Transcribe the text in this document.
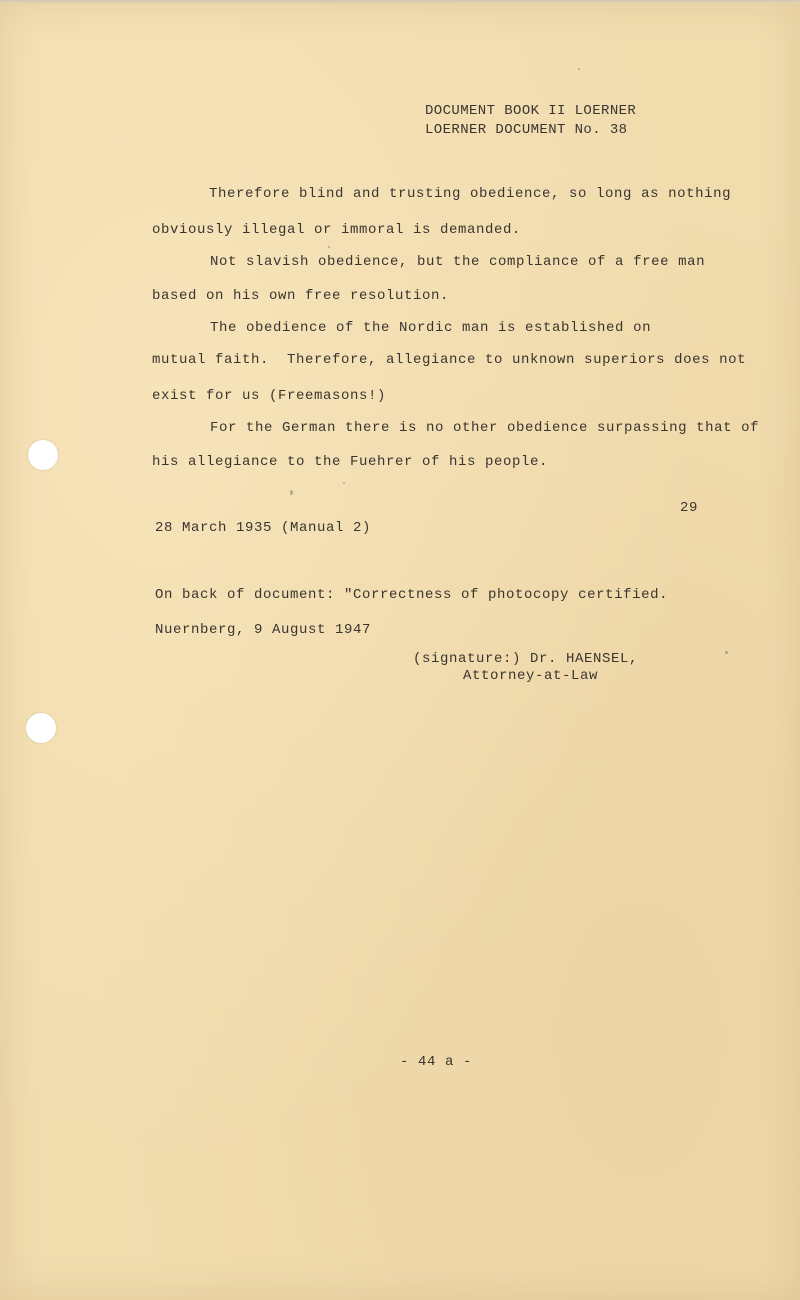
DOCUMENT BOOK II LOERNER
LOERNER DOCUMENT No. 38
Therefore blind and trusting obedience, so long as nothing
obviously illegal or immoral is demanded.
Not slavish obedience, but the compliance of a free man
based on his own free resolution.
The obedience of the Nordic man is established on
mutual faith.  Therefore, allegiance to unknown superiors does not
exist for us (Freemasons!)
For the German there is no other obedience surpassing that of
his allegiance to the Fuehrer of his people.
29
28 March 1935 (Manual 2)
On back of document: "Correctness of photocopy certified.
Nuernberg, 9 August 1947
(signature:) Dr. HAENSEL,
Attorney-at-Law
- 44 a -
